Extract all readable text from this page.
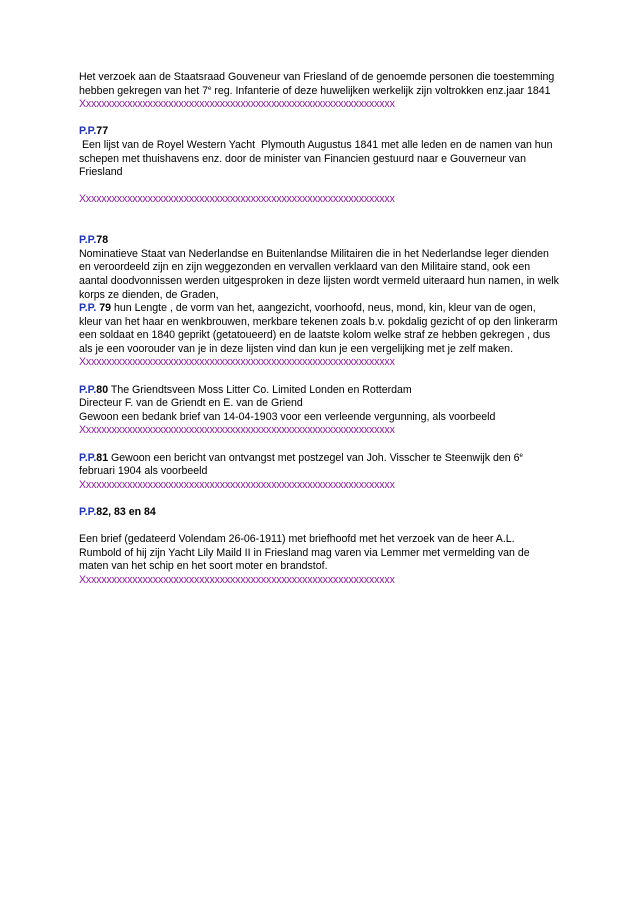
Het verzoek aan de Staatsraad Gouveneur van Friesland of de genoemde personen die toestemming
hebben gekregen van het 7e reg. Infanterie of deze huwelijken werkelijk zijn voltrokken enz.jaar 1841
Xxxxxxxxxxxxxxxxxxxxxxxxxxxxxxxxxxxxxxxxxxxxxxxxxxxxxxxxxxxxx
P.P.77
Een lijst van de Royel Western Yacht  Plymouth Augustus 1841 met alle leden en de namen van hun
schepen met thuishavens enz. door de minister van Financien gestuurd naar e Gouverneur van
Friesland
Xxxxxxxxxxxxxxxxxxxxxxxxxxxxxxxxxxxxxxxxxxxxxxxxxxxxxxxxxxxxx
P.P.78
Nominatieve Staat van Nederlandse en Buitenlandse Militairen die in het Nederlandse leger dienden
en veroordeeld zijn en zijn weggezonden en vervallen verklaard van den Militaire stand, ook een
aantal doodvonnissen werden uitgesproken in deze lijsten wordt vermeld uiteraard hun namen, in welk
korps ze dienden, de Graden,
P.P. 79 hun Lengte , de vorm van het, aangezicht, voorhoofd, neus, mond, kin, kleur van de ogen,
kleur van het haar en wenkbrouwen, merkbare tekenen zoals b.v. pokdalig gezicht of op den linkerarm
een soldaat en 1840 geprikt (getatoueerd) en de laatste kolom welke straf ze hebben gekregen , dus
als je een voorouder van je in deze lijsten vind dan kun je een vergelijking met je zelf maken.
Xxxxxxxxxxxxxxxxxxxxxxxxxxxxxxxxxxxxxxxxxxxxxxxxxxxxxxxxxxxxx
P.P.80 The Griendtsveen Moss Litter Co. Limited Londen en Rotterdam
Directeur F. van de Griendt en E. van de Griend
Gewoon een bedank brief van 14-04-1903 voor een verleende vergunning, als voorbeeld
Xxxxxxxxxxxxxxxxxxxxxxxxxxxxxxxxxxxxxxxxxxxxxxxxxxxxxxxxxxxxx
P.P.81 Gewoon een bericht van ontvangst met postzegel van Joh. Visscher te Steenwijk den 6e
februari 1904 als voorbeeld
Xxxxxxxxxxxxxxxxxxxxxxxxxxxxxxxxxxxxxxxxxxxxxxxxxxxxxxxxxxxxx
P.P.82, 83 en 84
Een brief (gedateerd Volendam 26-06-1911) met briefhoofd met het verzoek van de heer A.L.
Rumbold of hij zijn Yacht Lily Maild II in Friesland mag varen via Lemmer met vermelding van de
maten van het schip en het soort moter en brandstof.
Xxxxxxxxxxxxxxxxxxxxxxxxxxxxxxxxxxxxxxxxxxxxxxxxxxxxxxxxxxxxx
